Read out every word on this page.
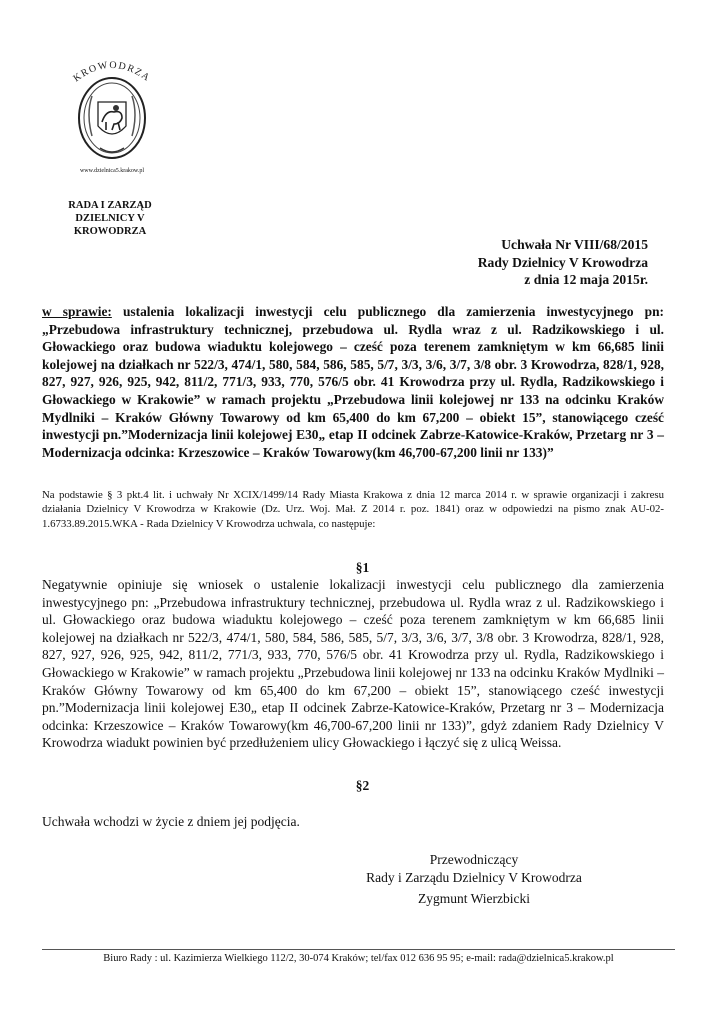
KROWODRZA
www.dzielnica5.krakow.pl
RADA I ZARZĄD DZIELNICY V KROWODRZA
Uchwała Nr VIII/68/2015
Rady Dzielnicy V Krowodrza
z dnia 12 maja 2015r.
w sprawie: ustalenia lokalizacji inwestycji celu publicznego dla zamierzenia inwestycyjnego pn: „Przebudowa infrastruktury technicznej, przebudowa ul. Rydla wraz z ul. Radzikowskiego i ul. Głowackiego oraz budowa wiaduktu kolejowego – cześć poza terenem zamkniętym w km 66,685 linii kolejowej na działkach nr 522/3, 474/1, 580, 584, 586, 585, 5/7, 3/3, 3/6, 3/7, 3/8 obr. 3 Krowodrza, 828/1, 928, 827, 927, 926, 925, 942, 811/2, 771/3, 933, 770, 576/5 obr. 41 Krowodrza przy ul. Rydla, Radzikowskiego i Głowackiego w Krakowie” w ramach projektu „Przebudowa linii kolejowej nr 133 na odcinku Kraków Mydlniki – Kraków Główny Towarowy od km 65,400 do km 67,200 – obiekt 15”, stanowiącego cześć inwestycji pn.”Modernizacja linii kolejowej E30„ etap II odcinek Zabrze-Katowice-Kraków, Przetarg nr 3 – Modernizacja odcinka: Krzeszowice – Kraków Towarowy(km 46,700-67,200 linii nr 133)”
Na podstawie § 3 pkt.4 lit. i uchwały Nr XCIX/1499/14 Rady Miasta Krakowa z dnia 12 marca 2014 r. w sprawie organizacji i zakresu działania Dzielnicy V Krowodrza w Krakowie (Dz. Urz. Woj. Mał. Z 2014 r. poz. 1841) oraz w odpowiedzi na pismo znak AU-02-1.6733.89.2015.WKA - Rada Dzielnicy V Krowodrza uchwala, co następuje:
§1
Negatywnie opiniuje się wniosek o ustalenie lokalizacji inwestycji celu publicznego dla zamierzenia inwestycyjnego pn: „Przebudowa infrastruktury technicznej, przebudowa ul. Rydla wraz z ul. Radzikowskiego i ul. Głowackiego oraz budowa wiaduktu kolejowego – cześć poza terenem zamkniętym w km 66,685 linii kolejowej na działkach nr 522/3, 474/1, 580, 584, 586, 585, 5/7, 3/3, 3/6, 3/7, 3/8 obr. 3 Krowodrza, 828/1, 928, 827, 927, 926, 925, 942, 811/2, 771/3, 933, 770, 576/5 obr. 41 Krowodrza przy ul. Rydla, Radzikowskiego i Głowackiego w Krakowie” w ramach projektu „Przebudowa linii kolejowej nr 133 na odcinku Kraków Mydlniki – Kraków Główny Towarowy od km 65,400 do km 67,200 – obiekt 15”, stanowiącego cześć inwestycji pn.”Modernizacja linii kolejowej E30„ etap II odcinek Zabrze-Katowice-Kraków, Przetarg nr 3 – Modernizacja odcinka: Krzeszowice – Kraków Towarowy(km 46,700-67,200 linii nr 133)”, gdyż zdaniem Rady Dzielnicy V Krowodrza wiadukt powinien być przedłużeniem ulicy Głowackiego i łączyć się z ulicą Weissa.
§2
Uchwała wchodzi w życie z dniem jej podjęcia.
Przewodniczący
Rady i Zarządu Dzielnicy V Krowodrza
Zygmunt Wierzbicki
Biuro Rady : ul. Kazimierza Wielkiego 112/2, 30-074 Kraków; tel/fax 012 636 95 95; e-mail: rada@dzielnica5.krakow.pl
